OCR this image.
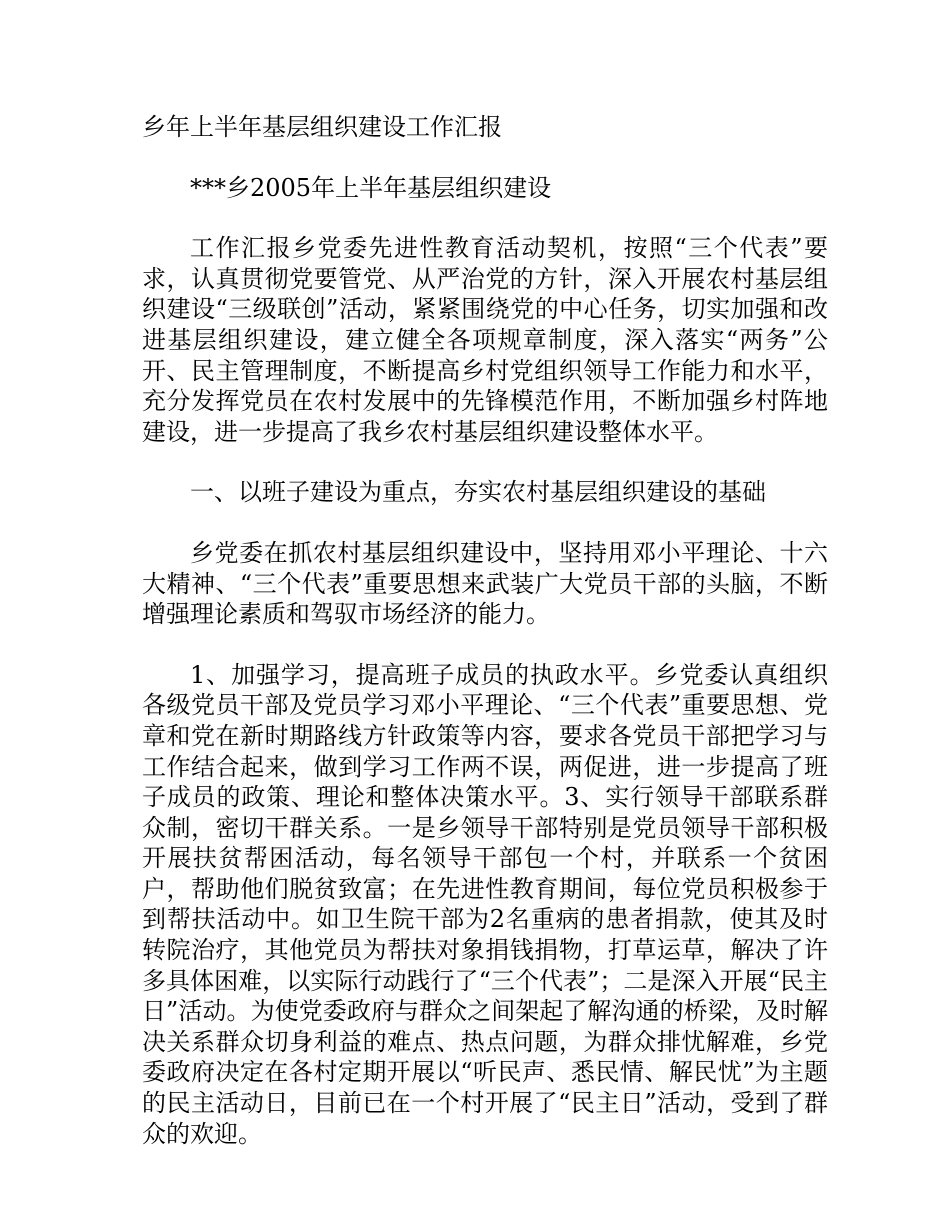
乡年上半年基层组织建设工作汇报

***乡2005年上半年基层组织建设

工作汇报乡党委先进性教育活动契机，按照“三个代表”要求，认真贯彻党要管党、从严治党的方针，深入开展农村基层组织建设“三级联创”活动，紧紧围绕党的中心任务，切实加强和改进基层组织建设，建立健全各项规章制度，深入落实“两务”公开、民主管理制度，不断提高乡村党组织领导工作能力和水平，充分发挥党员在农村发展中的先锋模范作用，不断加强乡村阵地建设，进一步提高了我乡农村基层组织建设整体水平。

一、以班子建设为重点，夯实农村基层组织建设的基础

乡党委在抓农村基层组织建设中，坚持用邓小平理论、十六大精神、“三个代表”重要思想来武装广大党员干部的头脑，不断增强理论素质和驾驭市场经济的能力。

1、加强学习，提高班子成员的执政水平。乡党委认真组织各级党员干部及党员学习邓小平理论、“三个代表”重要思想、党章和党在新时期路线方针政策等内容，要求各党员干部把学习与工作结合起来，做到学习工作两不误，两促进，进一步提高了班子成员的政策、理论和整体决策水平。3、实行领导干部联系群众制，密切干群关系。一是乡领导干部特别是党员领导干部积极开展扶贫帮困活动，每名领导干部包一个村，并联系一个贫困户，帮助他们脱贫致富；在先进性教育期间，每位党员积极参于到帮扶活动中。如卫生院干部为2名重病的患者捐款，使其及时转院治疗，其他党员为帮扶对象捐钱捐物，打草运草，解决了许多具体困难，以实际行动践行了“三个代表”；二是深入开展“民主日”活动。为使党委政府与群众之间架起了解沟通的桥梁，及时解决关系群众切身利益的难点、热点问题，为群众排忧解难，乡党委政府决定在各村定期开展以“听民声、悉民情、解民忧”为主题的民主活动日，目前已在一个村开展了“民主日”活动，受到了群众的欢迎。
